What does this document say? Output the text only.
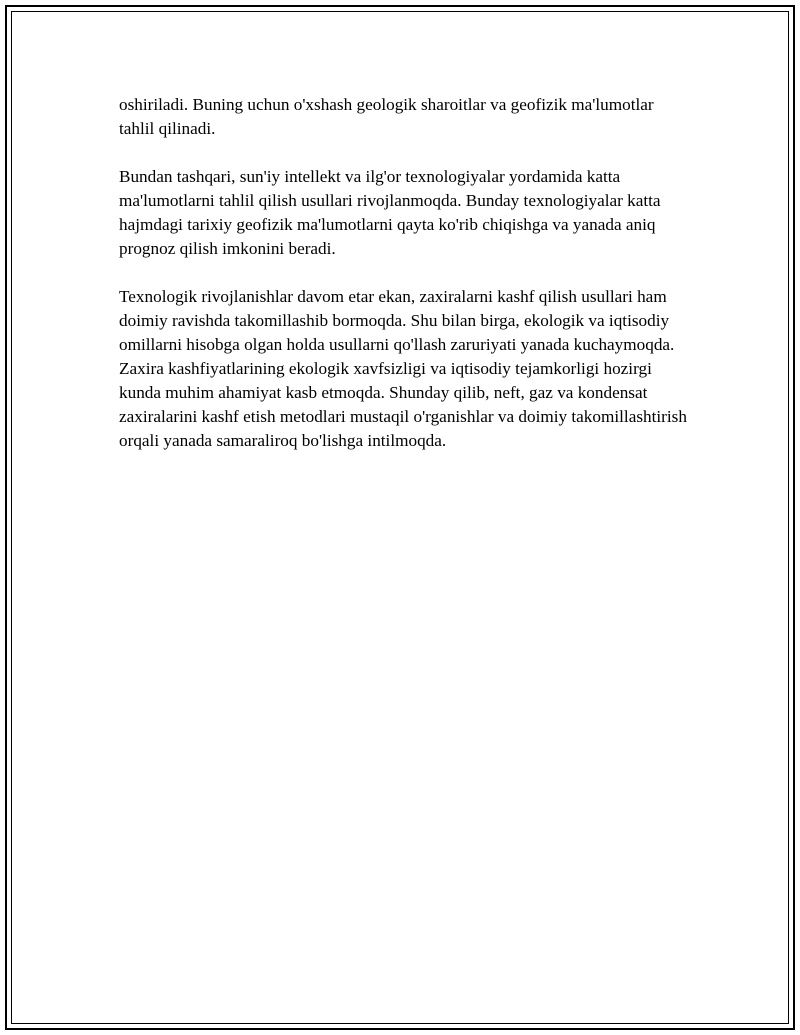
oshiriladi. Buning uchun o'xshash geologik sharoitlar va geofizik ma'lumotlar tahlil qilinadi.

Bundan tashqari, sun'iy intellekt va ilg'or texnologiyalar yordamida katta ma'lumotlarni tahlil qilish usullari rivojlanmoqda. Bunday texnologiyalar katta hajmdagi tarixiy geofizik ma'lumotlarni qayta ko'rib chiqishga va yanada aniq prognoz qilish imkonini beradi.

Texnologik rivojlanishlar davom etar ekan, zaxiralarni kashf qilish usullari ham doimiy ravishda takomillashib bormoqda. Shu bilan birga, ekologik va iqtisodiy omillarni hisobga olgan holda usullarni qo'llash zaruriyati yanada kuchaymoqda. Zaxira kashfiyatlarining ekologik xavfsizligi va iqtisodiy tejamkorligi hozirgi kunda muhim ahamiyat kasb etmoqda. Shunday qilib, neft, gaz va kondensat zaxiralarini kashf etish metodlari mustaqil o'rganishlar va doimiy takomillashtirish orqali yanada samaraliroq bo'lishga intilmoqda.
